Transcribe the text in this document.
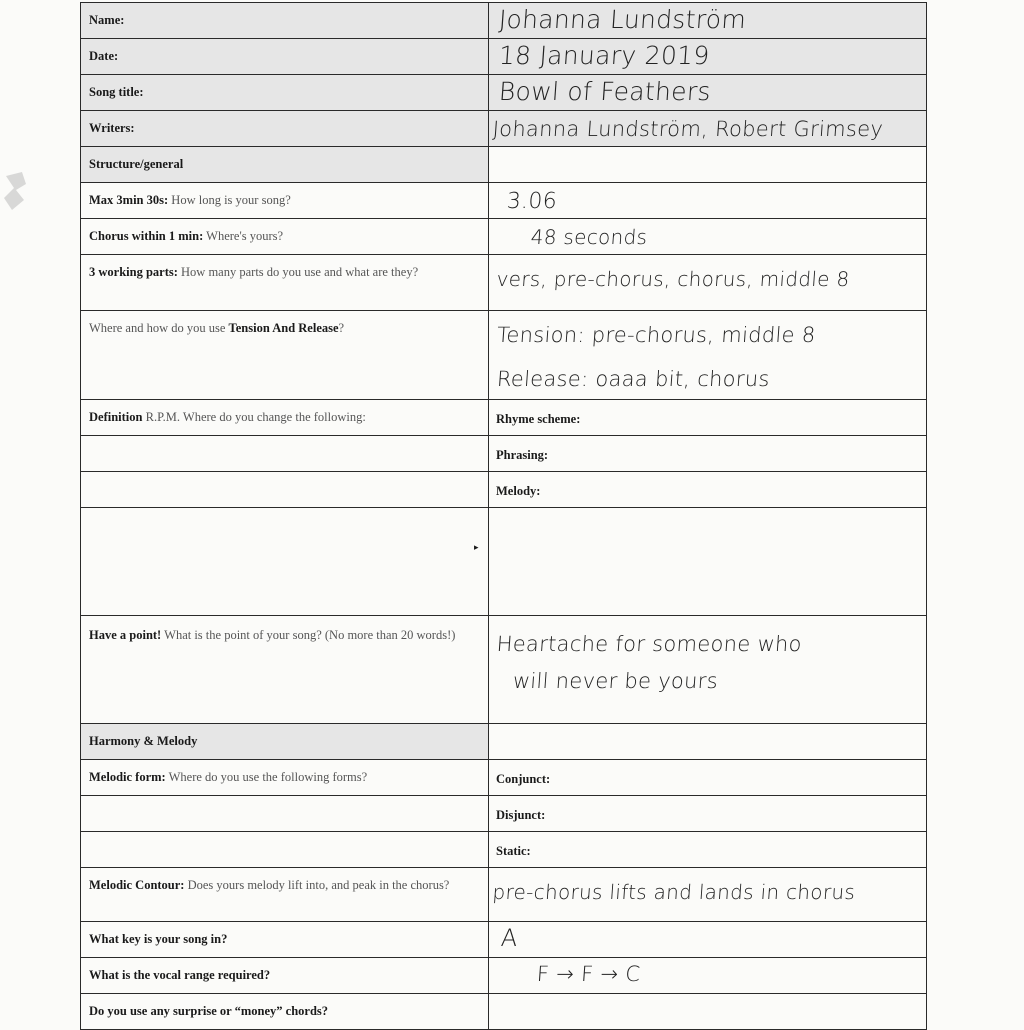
Name:	Johanna Lundström

Date:	18 January 2019

Song title:	Bowl of Feathers

Writers:	Johanna Lundström, Robert Grimsey

Structure/general	

Max 3min 30s: How long is your song?	3.06

Chorus within 1 min: Where's yours?	48 seconds

3 working parts: How many parts do you use and what are they?	vers, pre-chorus, chorus, middle 8

Where and how do you use Tension And Release?	Tension: pre-chorus, middle 8
Release: oaaa bit, chorus

Definition R.P.M. Where do you change the following:	Rhyme scheme:

	Phrasing:

	Melody:

Have a point! What is the point of your song? (No more than 20 words!)	Heartache for someone who
will never be yours

Harmony & Melody	

Melodic form: Where do you use the following forms?	Conjunct:

	Disjunct:

	Static:

Melodic Contour: Does yours melody lift into, and peak in the chorus?	pre-chorus lifts and lands in chorus

What key is your song in?	A

What is the vocal range required?	F → F → C

Do you use any surprise or “money” chords?	

▸
